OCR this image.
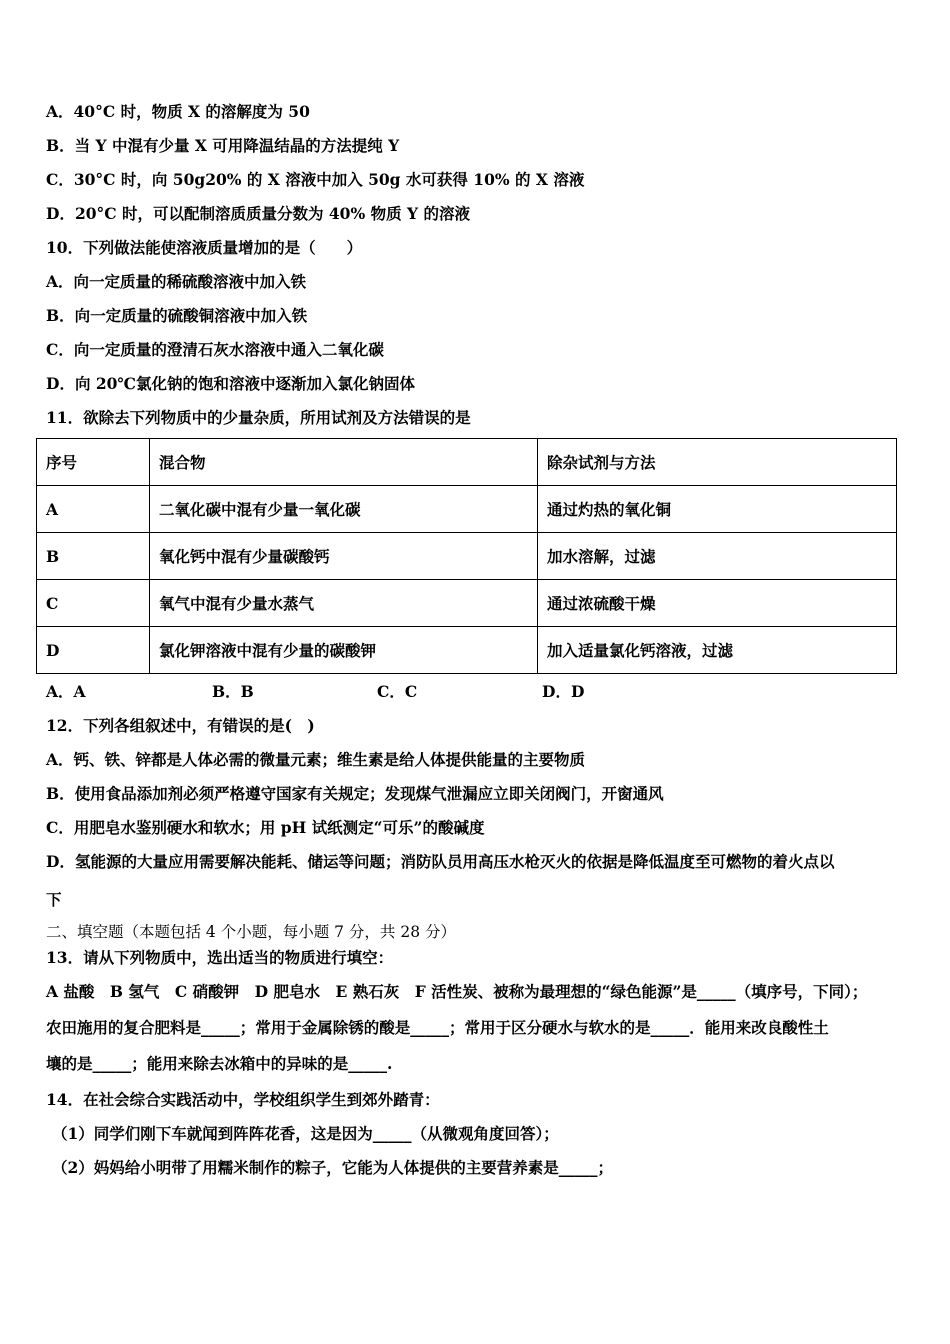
A．40°C 时，物质 X 的溶解度为 50
B．当 Y 中混有少量 X 可用降温结晶的方法提纯 Y
C．30°C 时，向 50g20% 的 X 溶液中加入 50g 水可获得 10% 的 X 溶液
D．20°C 时，可以配制溶质质量分数为 40% 物质 Y 的溶液
10．下列做法能使溶液质量增加的是（　　）
A．向一定质量的稀硫酸溶液中加入铁
B．向一定质量的硫酸铜溶液中加入铁
C．向一定质量的澄清石灰水溶液中通入二氧化碳
D．向 20℃氯化钠的饱和溶液中逐渐加入氯化钠固体
11．欲除去下列物质中的少量杂质，所用试剂及方法错误的是
序号	混合物	除杂试剂与方法
A	二氧化碳中混有少量一氧化碳	通过灼热的氧化铜
B	氧化钙中混有少量碳酸钙	加水溶解，过滤
C	氧气中混有少量水蒸气	通过浓硫酸干燥
D	氯化钾溶液中混有少量的碳酸钾	加入适量氯化钙溶液，过滤
A．A	B．B	C．C	D．D
12．下列各组叙述中，有错误的是(　)
A．钙、铁、锌都是人体必需的微量元素；维生素是给人体提供能量的主要物质
B．使用食品添加剂必须严格遵守国家有关规定；发现煤气泄漏应立即关闭阀门，开窗通风
C．用肥皂水鉴别硬水和软水；用 pH 试纸测定“可乐”的酸碱度
D．氢能源的大量应用需要解决能耗、储运等问题；消防队员用高压水枪灭火的依据是降低温度至可燃物的着火点以
下
二、填空题（本题包括 4 个小题，每小题 7 分，共 28 分）
13．请从下列物质中，选出适当的物质进行填空：
A 盐酸　B 氢气　C 硝酸钾　D 肥皂水　E 熟石灰　F 活性炭、被称为最理想的“绿色能源”是_____（填序号，下同）；
农田施用的复合肥料是_____；常用于金属除锈的酸是_____；常用于区分硬水与软水的是_____．能用来改良酸性土
壤的是_____；能用来除去冰箱中的异味的是_____.
14．在社会综合实践活动中，学校组织学生到郊外踏青：
（1）同学们刚下车就闻到阵阵花香，这是因为_____（从微观角度回答）；
（2）妈妈给小明带了用糯米制作的粽子，它能为人体提供的主要营养素是_____；
